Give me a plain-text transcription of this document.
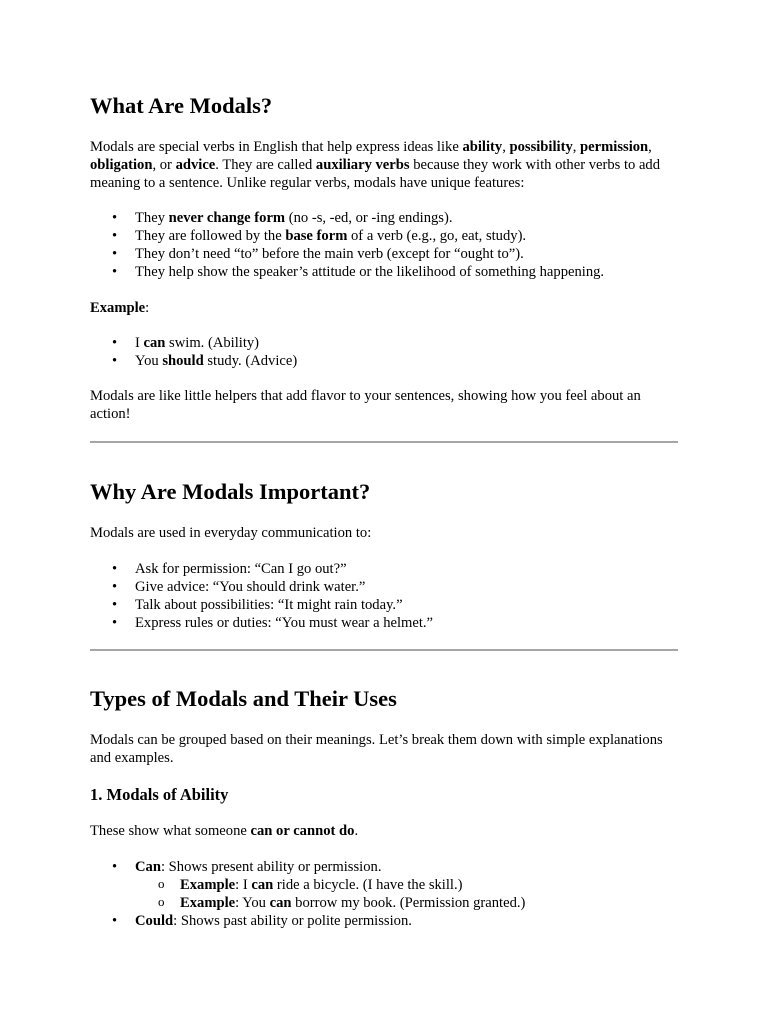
What Are Modals?

Modals are special verbs in English that help express ideas like ability, possibility, permission, obligation, or advice. They are called auxiliary verbs because they work with other verbs to add meaning to a sentence. Unlike regular verbs, modals have unique features:

• They never change form (no -s, -ed, or -ing endings).
• They are followed by the base form of a verb (e.g., go, eat, study).
• They don’t need “to” before the main verb (except for “ought to”).
• They help show the speaker’s attitude or the likelihood of something happening.

Example:

• I can swim. (Ability)
• You should study. (Advice)

Modals are like little helpers that add flavor to your sentences, showing how you feel about an action!

Why Are Modals Important?

Modals are used in everyday communication to:

• Ask for permission: “Can I go out?”
• Give advice: “You should drink water.”
• Talk about possibilities: “It might rain today.”
• Express rules or duties: “You must wear a helmet.”
Types of Modals and Their Uses

Modals can be grouped based on their meanings. Let’s break them down with simple explanations and examples.

1. Modals of Ability

These show what someone can or cannot do.

• Can: Shows present ability or permission.
o Example: I can ride a bicycle. (I have the skill.)
o Example: You can borrow my book. (Permission granted.)
• Could: Shows past ability or polite permission.
